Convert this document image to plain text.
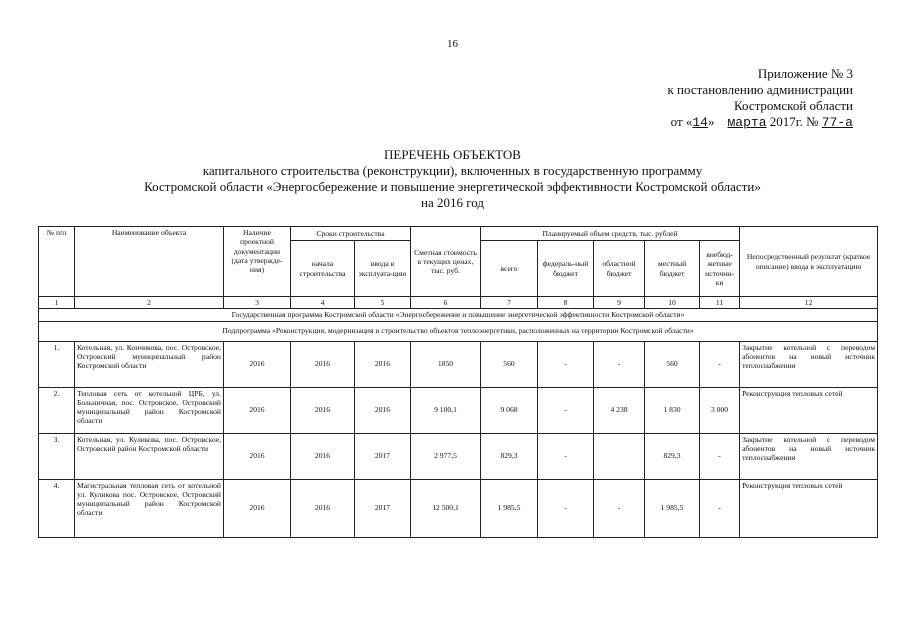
16
Приложение № 3
к постановлению администрации
Костромской области
от «14» марта 2017г. № 77-а
ПЕРЕЧЕНЬ ОБЪЕКТОВ
капитального строительства (реконструкции), включенных в государственную программу
Костромской области «Энергосбережение и повышение энергетической эффективности Костромской области»
на 2016 год
№ п/п	Наименование объекта	Наличие проектной документации (дата утвержде-ния)	Сроки строительства		Сметная стоимость в текущих ценах, тыс. руб.	Планируемый объем средств, тыс. рублей					Непосредственный результат (краткое описание) ввода в эксплуатацию
			начала строительства	ввода в эксплуата-цию		всего	федераль-ный бюджет	областной бюджет	местный бюджет	внебюд-жетные источни-ки	
1	2	3	4	5	6	7	8	9	10	11	12
Государственная программа Костромской области «Энергосбережение и повышение энергетической эффективности Костромской области»											
Подпрограмма «Реконструкция, модернизация и строительство объектов теплоэнергетики, расположенных на территории Костромской области»											
1.	Котельная, ул. Кончикова, пос. Островское, Островский муниципальный район Костромской области	2016	2016	2016	1850	560	-	-	560	-	Закрытие котельной с переводом абонентов на новый источник теплоснабжения
2.	Тепловая сеть от котельной ЦРБ, ул. Больничная, пос. Островское, Островский муниципальный район Костромской области	2016	2016	2016	9 100,1	9 068	-	4 238	1 830	3 000	Реконструкция тепловых сетей
3.	Котельная, ул. Куликова, пос. Островское, Островский район Костромской области	2016	2016	2017	2 977,5	829,3	-		829,3	-	Закрытие котельной с переводом абонентов на новый источник теплоснабжения
4.	Магистральная тепловая сеть от котельной ул. Куликова пос. Островское, Островский муниципальный район Костромской области	2016	2016	2017	12 500,1	1 985,5	-	-	1 985,5	-	Реконструкция тепловых сетей
